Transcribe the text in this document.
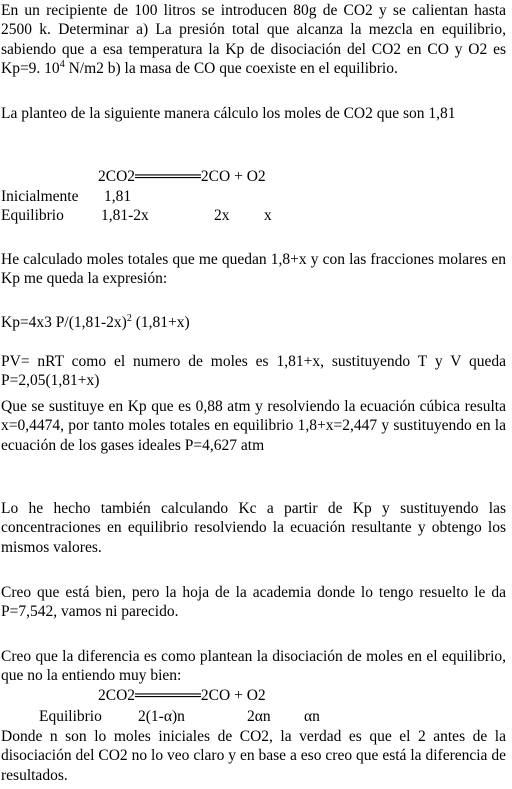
En un recipiente de 100 litros se introducen 80g de CO2 y se calientan hasta 2500 k. Determinar a) La presión total que alcanza la mezcla en equilibrio, sabiendo que a esa temperatura la Kp de disociación del CO2 en CO y O2 es Kp=9. $10^4$ N/m2 b) la masa de CO que coexiste en el equilibrio.

La planteo de la siguiente manera cálculo los moles de CO2 que son 1,81

2CO2══════2CO + O2
Inicialmente 1,81
Equilibrio 1,81-2x	2x x

He calculado moles totales que me quedan 1,8+x y con las fracciones molares en Kp me queda la expresión:

Kp=4x3 $P/(1,81-2x)^2$ (1,81+x)

PV= nRT como el numero de moles es 1,81+x, sustituyendo T y V queda P=2,05(1,81+x)

Que se sustituye en Kp que es 0,88 atm y resolviendo la ecuación cúbica resulta x=0,4474, por tanto moles totales en equilibrio 1,8+x=2,447 y sustituyendo en la ecuación de los gases ideales P=4,627 atm

Lo he hecho también calculando Kc a partir de Kp y sustituyendo las concentraciones en equilibrio resolviendo la ecuación resultante y obtengo los mismos valores.

Creo que está bien, pero la hoja de la academia donde lo tengo resuelto le da P=7,542, vamos ni parecido.

Creo que la diferencia es como plantean la disociación de moles en el equilibrio, que no la entiendo muy bien:

2CO2══════2CO + O2
Equilibrio 2(1-α)n	2αn αn

Donde n son lo moles iniciales de CO2, la verdad es que el 2 antes de la disociación del CO2 no lo veo claro y en base a eso creo que está la diferencia de resultados.
